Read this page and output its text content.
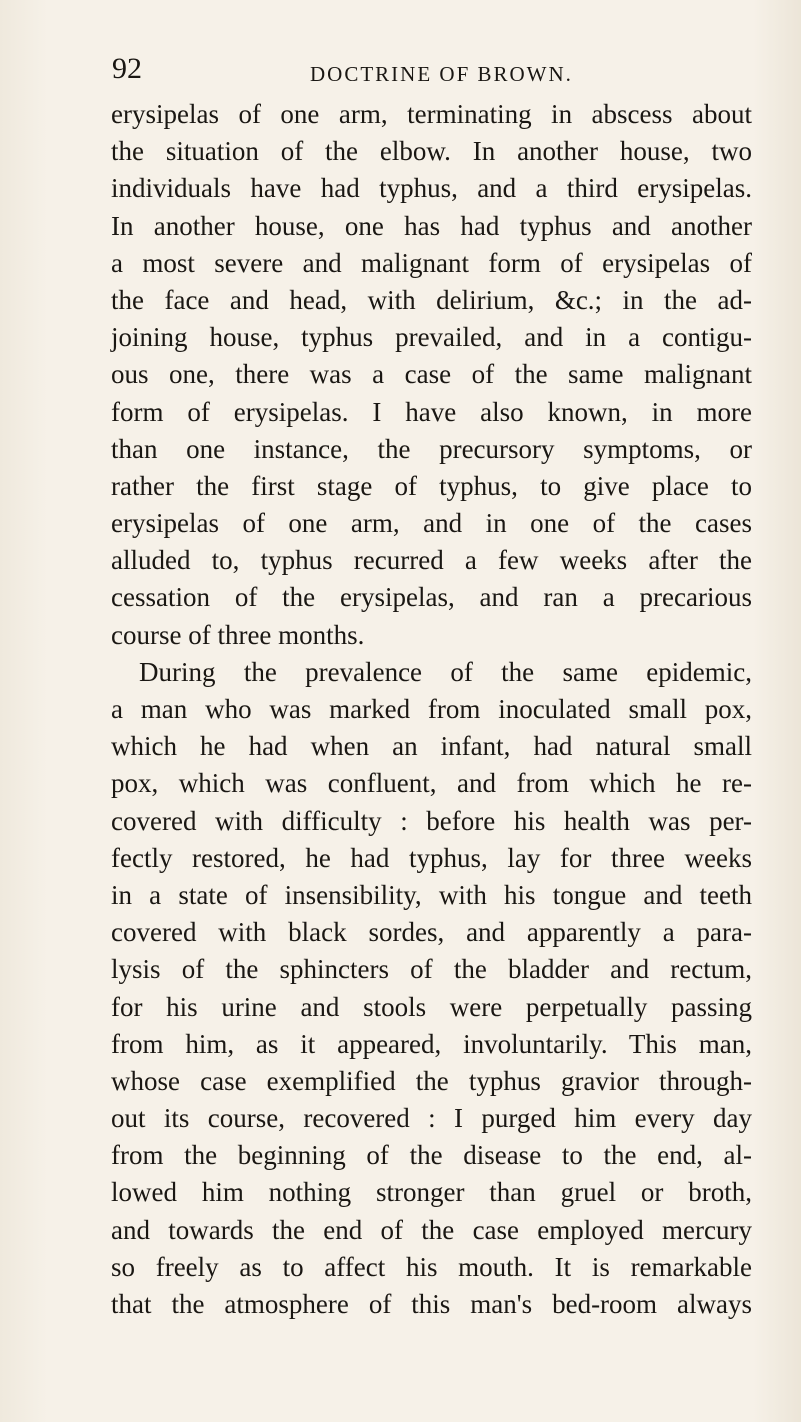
92	DOCTRINE OF BROWN.
erysipelas of one arm, terminating in abscess about
the situation of the elbow. In another house, two
individuals have had typhus, and a third erysipelas.
In another house, one has had typhus and another
a most severe and malignant form of erysipelas of
the face and head, with delirium, &c.; in the ad-
joining house, typhus prevailed, and in a contigu-
ous one, there was a case of the same malignant
form of erysipelas. I have also known, in more
than one instance, the precursory symptoms, or
rather the first stage of typhus, to give place to
erysipelas of one arm, and in one of the cases
alluded to, typhus recurred a few weeks after the
cessation of the erysipelas, and ran a precarious
course of three months.
During the prevalence of the same epidemic,
a man who was marked from inoculated small pox,
which he had when an infant, had natural small
pox, which was confluent, and from which he re-
covered with difficulty : before his health was per-
fectly restored, he had typhus, lay for three weeks
in a state of insensibility, with his tongue and teeth
covered with black sordes, and apparently a para-
lysis of the sphincters of the bladder and rectum,
for his urine and stools were perpetually passing
from him, as it appeared, involuntarily. This man,
whose case exemplified the typhus gravior through-
out its course, recovered : I purged him every day
from the beginning of the disease to the end, al-
lowed him nothing stronger than gruel or broth,
and towards the end of the case employed mercury
so freely as to affect his mouth. It is remarkable
that the atmosphere of this man's bed-room always
